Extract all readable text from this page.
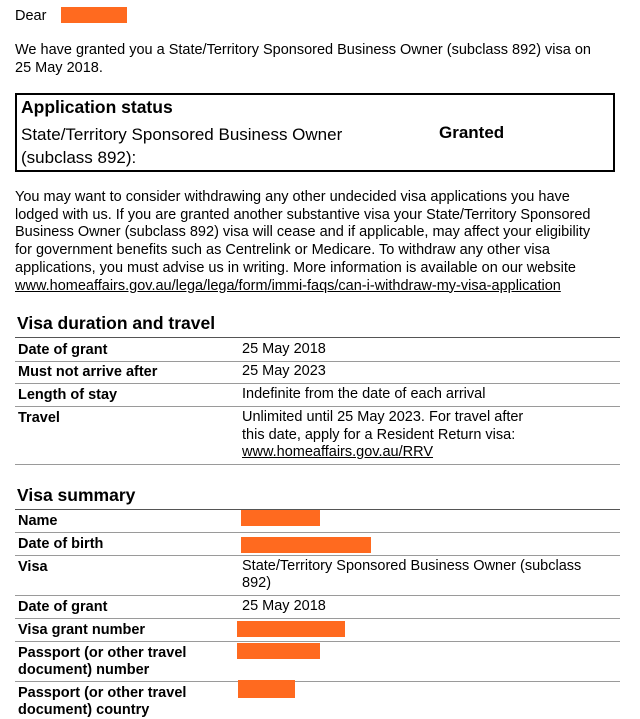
Dear
We have granted you a State/Territory Sponsored Business Owner (subclass 892) visa on
25 May 2018.
Application status
State/Territory Sponsored Business Owner
(subclass 892):
Granted

You may want to consider withdrawing any other undecided visa applications you have

lodged with us. If you are granted another substantive visa your State/Territory Sponsored

Business Owner (subclass 892) visa will cease and if applicable, may affect your eligibility

for government benefits such as Centrelink or Medicare. To withdraw any other visa

applications, you must advise us in writing. More information is available on our website

www.homeaffairs.gov.au/lega/lega/form/immi-faqs/can-i-withdraw-my-visa-application

Visa duration and travel
Date of grant	25 May 2018
Must not arrive after	25 May 2023
Length of stay	Indefinite from the date of each arrival
Travel	Unlimited until 25 May 2023. For travel after
this date, apply for a Resident Return visa:
www.homeaffairs.gov.au/RRV
Visa summary
Name
Date of birth
Visa	State/Territory Sponsored Business Owner (subclass
892)
Date of grant	25 May 2018
Visa grant number
Passport (or other travel
document) number
Passport (or other travel
document) country
